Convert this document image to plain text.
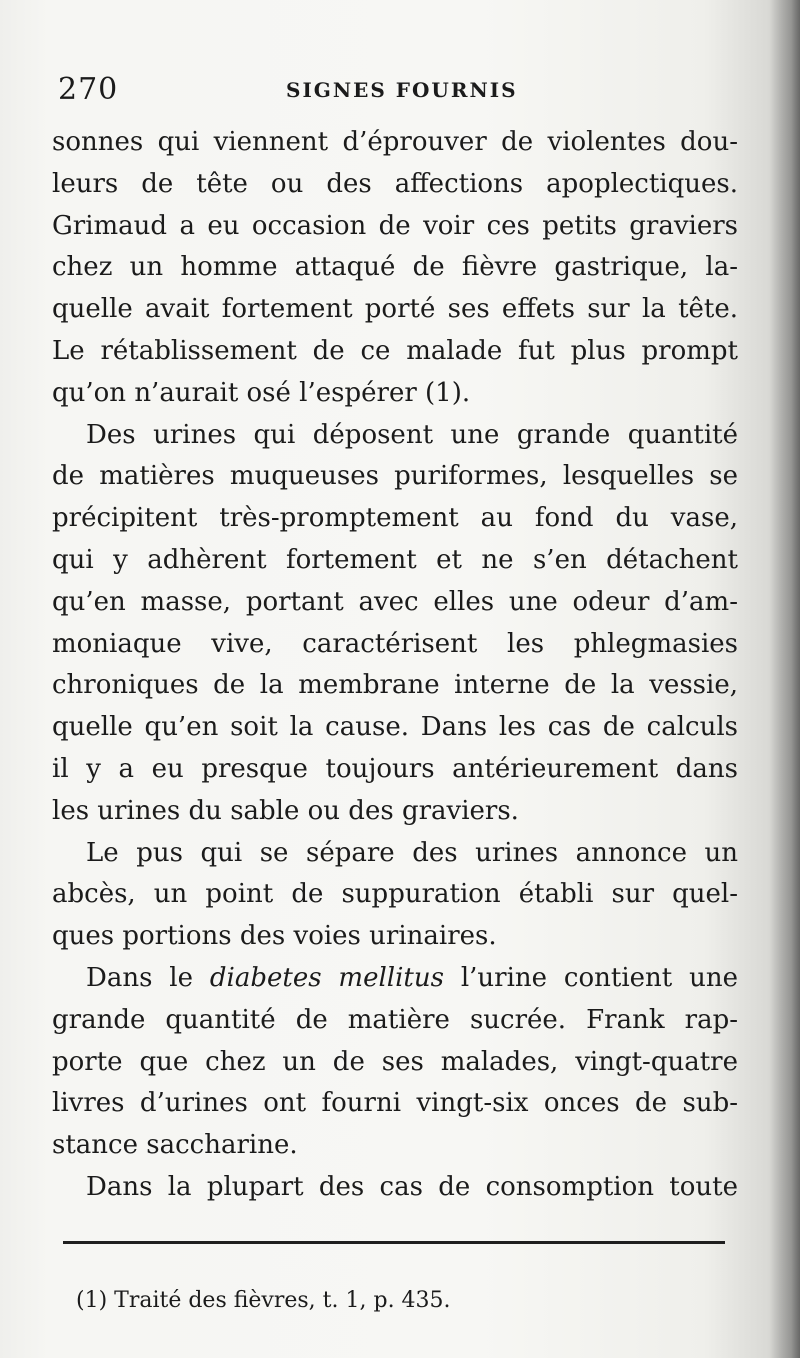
270	SIGNES FOURNIS
sonnes qui viennent d’éprouver de violentes dou-
leurs de tête ou des affections apoplectiques.
Grimaud a eu occasion de voir ces petits graviers
chez un homme attaqué de fièvre gastrique, la-
quelle avait fortement porté ses effets sur la tête.
Le rétablissement de ce malade fut plus prompt
qu’on n’aurait osé l’espérer (1).
Des urines qui déposent une grande quantité
de matières muqueuses puriformes, lesquelles se
précipitent très-promptement au fond du vase,
qui y adhèrent fortement et ne s’en détachent
qu’en masse, portant avec elles une odeur d’am-
moniaque vive, caractérisent les phlegmasies
chroniques de la membrane interne de la vessie,
quelle qu’en soit la cause. Dans les cas de calculs
il y a eu presque toujours antérieurement dans
les urines du sable ou des graviers.
Le pus qui se sépare des urines annonce un
abcès, un point de suppuration établi sur quel-
ques portions des voies urinaires.
Dans le diabetes mellitus l’urine contient une
grande quantité de matière sucrée. Frank rap-
porte que chez un de ses malades, vingt-quatre
livres d’urines ont fourni vingt-six onces de sub-
stance saccharine.
Dans la plupart des cas de consomption toute
(1) Traité des fièvres, t. 1, p. 435.
